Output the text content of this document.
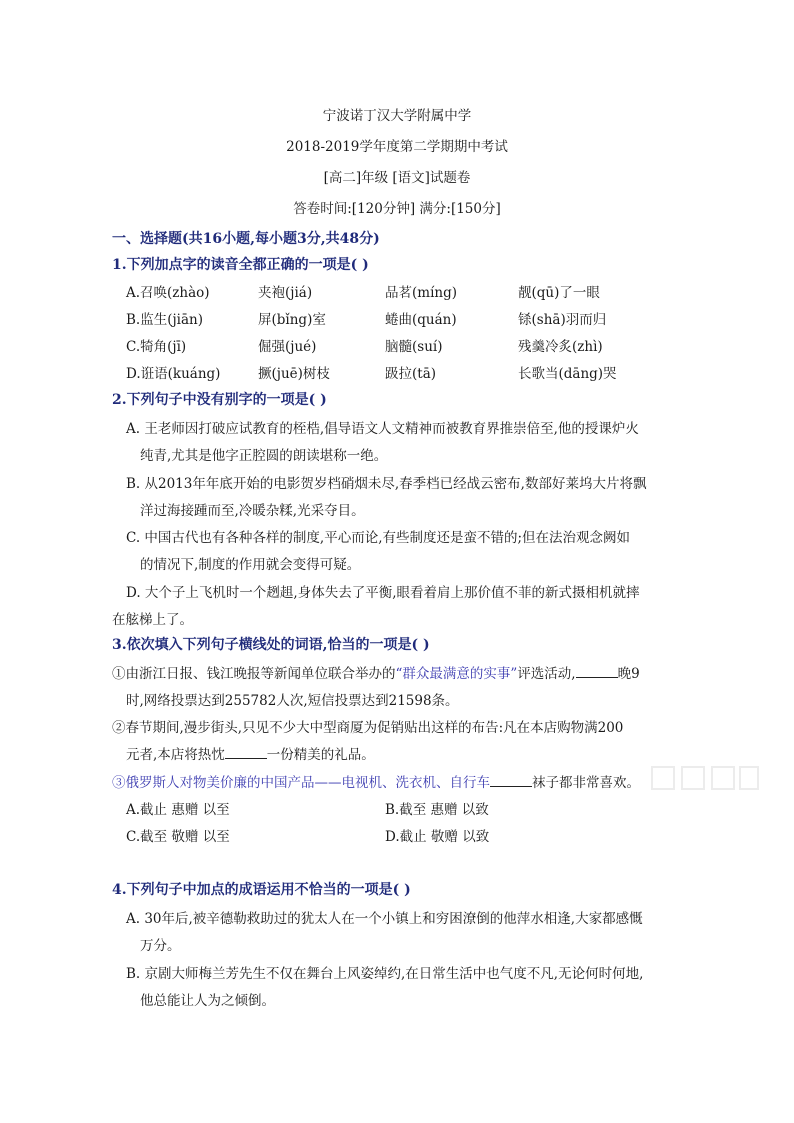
宁波诺丁汉大学附属中学
2018-2019学年度第二学期期中考试
[高二]年级 [语文]试题卷
答卷时间:[120分钟] 满分:[150分]
一、选择题(共16小题,每小题3分,共48分)
1.下列加点字的读音全都正确的一项是( )
A.召唤(zhào)	夹袍(jiá)	品茗(míng)	靓(qū)了一眼
B.监生(jiān)	屏(bǐng)室	蜷曲(quán)	铩(shā)羽而归
C.犄角(jī)	倔强(jué)	脑髓(suí)	残羹冷炙(zhì)
D.诳语(kuáng)	撅(juē)树枝	趿拉(tā)	长歌当(dāng)哭
2.下列句子中没有别字的一项是( )
A. 王老师因打破应试教育的桎梏,倡导语文人文精神而被教育界推崇倍至,他的授课炉火
纯青,尤其是他字正腔圆的朗读堪称一绝。
B. 从2013年年底开始的电影贺岁档硝烟未尽,春季档已经战云密布,数部好莱坞大片将飘
洋过海接踵而至,冷暖杂糅,光采夺目。
C. 中国古代也有各种各样的制度,平心而论,有些制度还是蛮不错的;但在法治观念阙如
的情况下,制度的作用就会变得可疑。
D. 大个子上飞机时一个趔趄,身体失去了平衡,眼看着肩上那价值不菲的新式摄相机就摔
在舷梯上了。
3.依次填入下列句子横线处的词语,恰当的一项是( )
①由浙江日报、钱江晚报等新闻单位联合举办的“群众最满意的实事”评选活动,	晚9
时,网络投票达到255782人次,短信投票达到21598条。
②春节期间,漫步街头,只见不少大中型商厦为促销贴出这样的布告:凡在本店购物满200
元者,本店将热忱	一份精美的礼品。
③俄罗斯人对物美价廉的中国产品——电视机、洗衣机、自行车	袜子都非常喜欢。
A.截止 惠赠 以至	B.截至 惠赠 以致
C.截至 敬赠 以至	D.截止 敬赠 以致
4.下列句子中加点的成语运用不恰当的一项是( )
A. 30年后,被辛德勒救助过的犹太人在一个小镇上和穷困潦倒的他萍水相逢,大家都感慨
万分。
B. 京剧大师梅兰芳先生不仅在舞台上风姿绰约,在日常生活中也气度不凡,无论何时何地,
他总能让人为之倾倒。
